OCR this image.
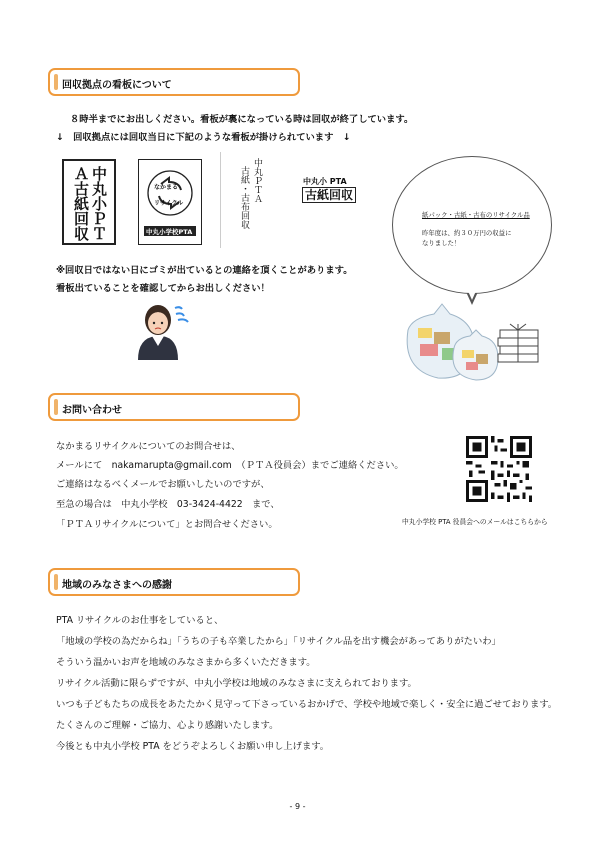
回収拠点の看板について
８時半までにお出しください。看板が裏になっている時は回収が終了しています。
↓　回収拠点には回収当日に下記のような看板が掛けられています　↓
中丸小ＰＴＡ古紙回収	なかまる
リサイクル
中丸小学校PTA
中丸ＰＴＡ
古紙・古布回収	中丸小 PTA
古紙回収
※回収日ではない日にゴミが出ているとの連絡を頂くことがあります。
看板出ていることを確認してからお出しください！
紙パック・古紙・古布のリサイクル品
昨年度は、約３０万円の収益に
なりました！
お問い合わせ
なかまるリサイクルについてのお問合せは、
メールにて　nakamarupta@gmail.com　（ＰＴＡ役員会）までご連絡ください。
ご連絡はなるべくメールでお願いしたいのですが、
至急の場合は　中丸小学校　03-3424-4422　まで、
「ＰＴＡリサイクルについて」とお問合せください。	中丸小学校 PTA 役員会へのメールはこちらから
地域のみなさまへの感謝
PTA リサイクルのお仕事をしていると、
「地域の学校の為だからね」「うちの子も卒業したから」「リサイクル品を出す機会があってありがたいわ」
そういう温かいお声を地域のみなさまから多くいただきます。
リサイクル活動に限らずですが、中丸小学校は地域のみなさまに支えられております。
いつも子どもたちの成長をあたたかく見守って下さっているおかげで、学校や地域で楽しく・安全に過ごせております。
たくさんのご理解・ご協力、心より感謝いたします。
今後とも中丸小学校 PTA をどうぞよろしくお願い申し上げます。
- 9 -
